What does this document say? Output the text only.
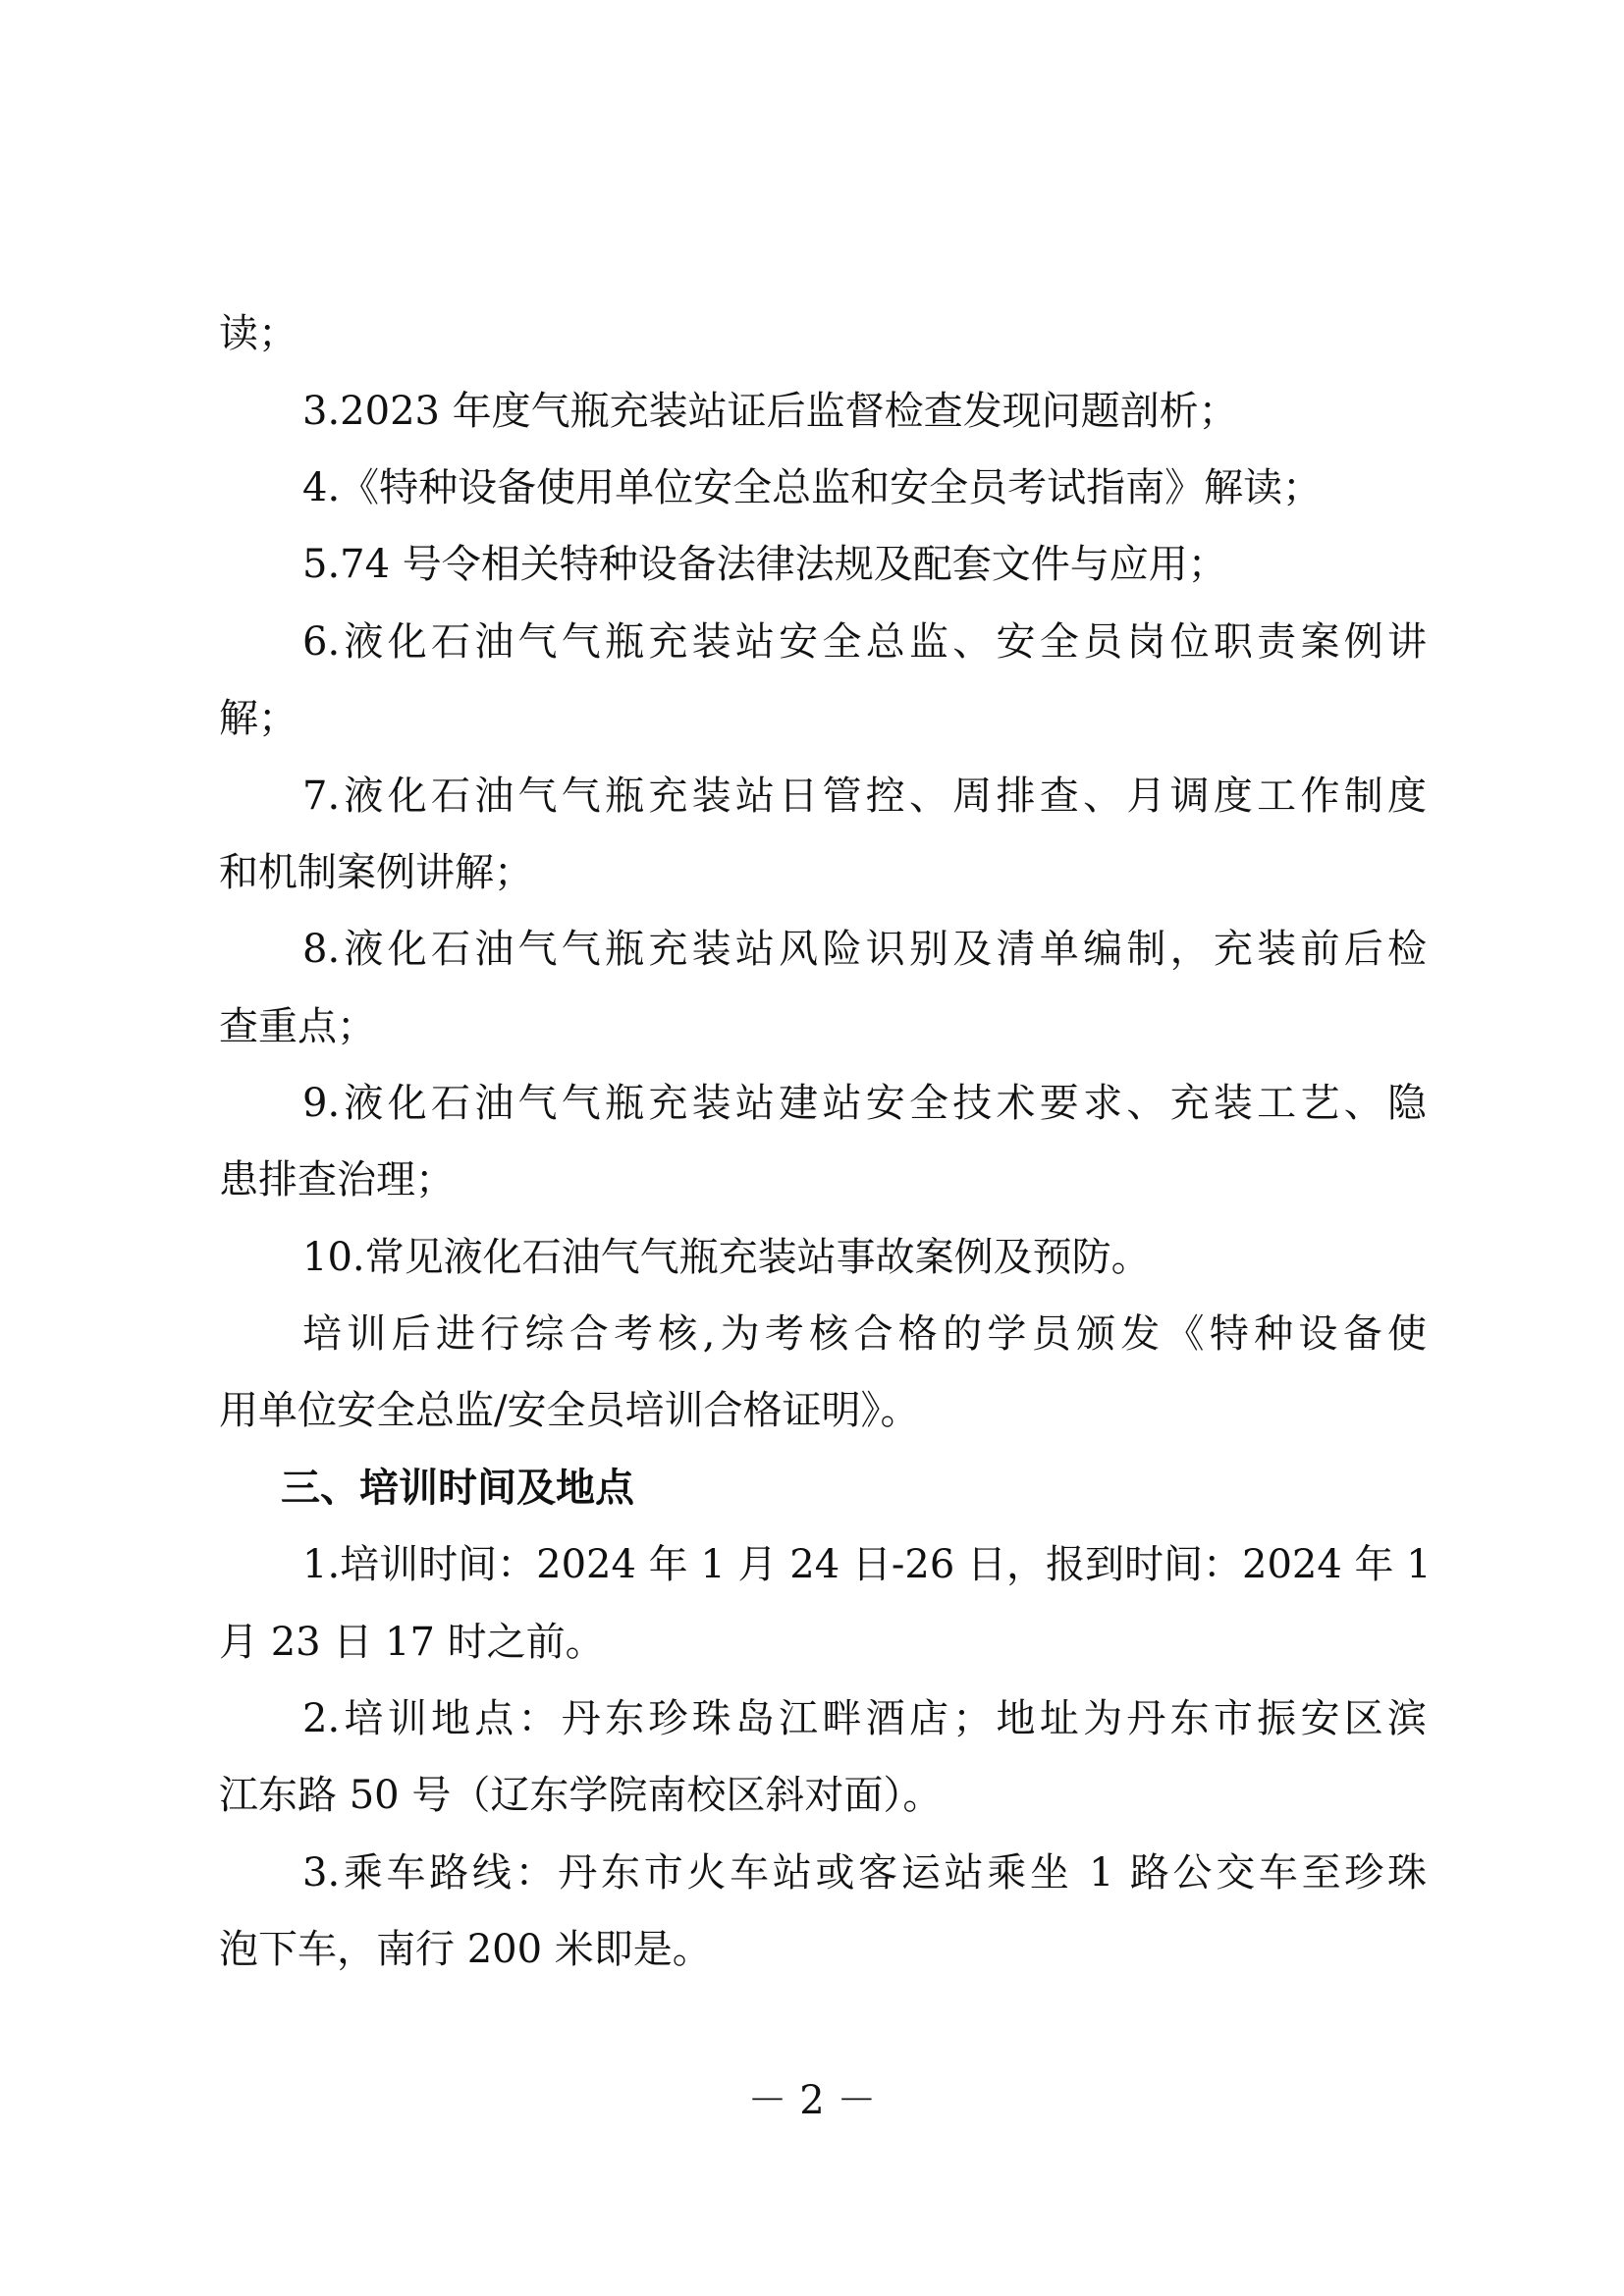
读；
3.2023 年度气瓶充装站证后监督检查发现问题剖析；
4.《特种设备使用单位安全总监和安全员考试指南》解读；
5.74 号令相关特种设备法律法规及配套文件与应用；
6.液化石油气气瓶充装站安全总监、安全员岗位职责案例讲
解；
7.液化石油气气瓶充装站日管控、周排查、月调度工作制度
和机制案例讲解；
8.液化石油气气瓶充装站风险识别及清单编制，充装前后检
查重点；
9.液化石油气气瓶充装站建站安全技术要求、充装工艺、隐
患排查治理；
10.常见液化石油气气瓶充装站事故案例及预防。
培训后进行综合考核,为考核合格的学员颁发《特种设备使
用单位安全总监/安全员培训合格证明》。
三、培训时间及地点
1.培训时间：2024 年 1 月 24 日-26 日，报到时间：2024 年 1
月 23 日 17 时之前。
2.培训地点：丹东珍珠岛江畔酒店；地址为丹东市振安区滨
江东路 50 号（辽东学院南校区斜对面）。
3.乘车路线：丹东市火车站或客运站乘坐 1 路公交车至珍珠
泡下车，南行 200 米即是。
－ 2 －
